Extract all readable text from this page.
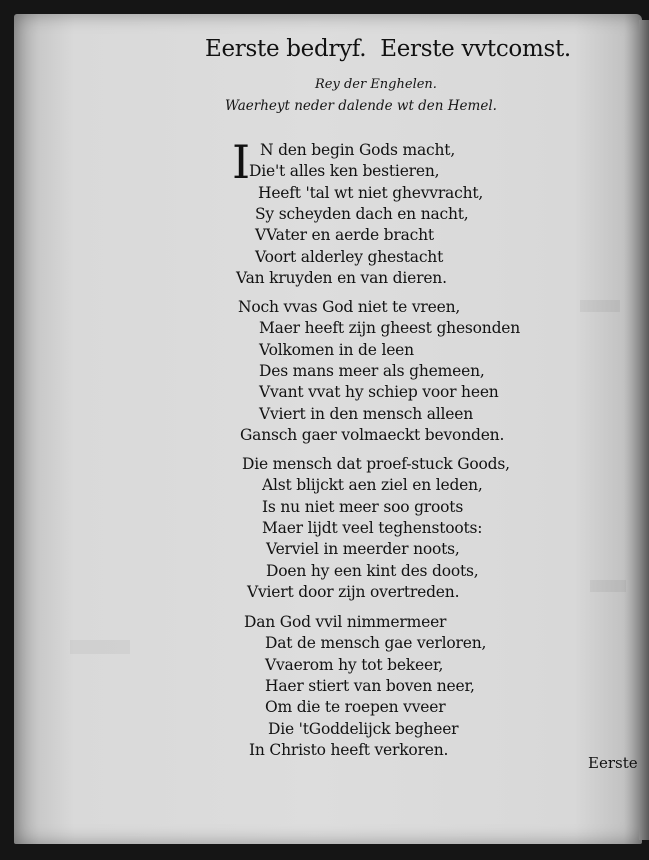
Eerste bedryf. Eerste vvtcomst.
Rey der Enghelen.
Waerheyt neder dalende wt den Hemel.
I N den begin Gods macht,
Die't alles ken bestieren,
Heeft 'tal wt niet ghevvracht,
Sy scheyden dach en nacht,
VVater en aerde bracht
Voort alderley ghestacht
Van kruyden en van dieren.
Noch vvas God niet te vreen,
Maer heeft zijn gheest ghesonden
Volkomen in de leen
Des mans meer als ghemeen,
Vvant vvat hy schiep voor heen
Vviert in den mensch alleen
Gansch gaer volmaeckt bevonden.
Die mensch dat proef-stuck Goods,
Alst blijckt aen ziel en leden,
Is nu niet meer soo groots
Maer lijdt veel teghenstoots:
Verviel in meerder noots,
Doen hy een kint des doots,
Vviert door zijn overtreden.
Dan God vvil nimmermeer
Dat de mensch gae verloren,
Vvaerom hy tot bekeer,
Haer stiert van boven neer,
Om die te roepen vveer
Die 'tGoddelijck begheer
In Christo heeft verkoren.
Eerste
